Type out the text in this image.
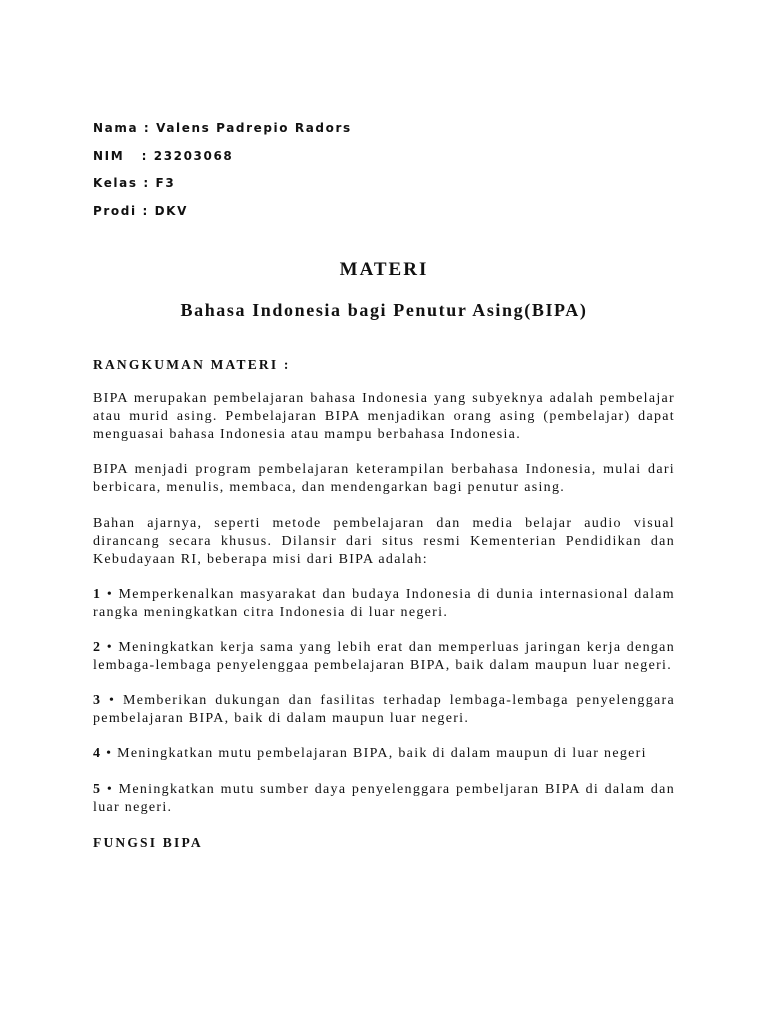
Nama : Valens Padrepio Radors
NIM   : 23203068
Kelas : F3
Prodi : DKV
MATERI
Bahasa Indonesia bagi Penutur Asing(BIPA)

RANGKUMAN MATERI :

BIPA merupakan pembelajaran bahasa Indonesia yang subyeknya adalah pembelajar atau murid asing. Pembelajaran BIPA menjadikan orang asing (pembelajar) dapat menguasai bahasa Indonesia atau mampu berbahasa Indonesia.

BIPA menjadi program pembelajaran keterampilan berbahasa Indonesia, mulai dari berbicara, menulis, membaca, dan mendengarkan bagi penutur asing.

Bahan ajarnya, seperti metode pembelajaran dan media belajar audio visual dirancang secara khusus. Dilansir dari situs resmi Kementerian Pendidikan dan Kebudayaan RI, beberapa misi dari BIPA adalah:

1 • Memperkenalkan masyarakat dan budaya Indonesia di dunia internasional dalam rangka meningkatkan citra Indonesia di luar negeri.

2 • Meningkatkan kerja sama yang lebih erat dan memperluas jaringan kerja dengan lembaga-lembaga penyelenggaa pembelajaran BIPA, baik dalam maupun luar negeri.

3 • Memberikan dukungan dan fasilitas terhadap lembaga-lembaga penyelenggara pembelajaran BIPA, baik di dalam maupun luar negeri.

4 • Meningkatkan mutu pembelajaran BIPA, baik di dalam maupun di luar negeri

5 • Meningkatkan mutu sumber daya penyelenggara pembeljaran BIPA di dalam dan luar negeri.

FUNGSI BIPA
